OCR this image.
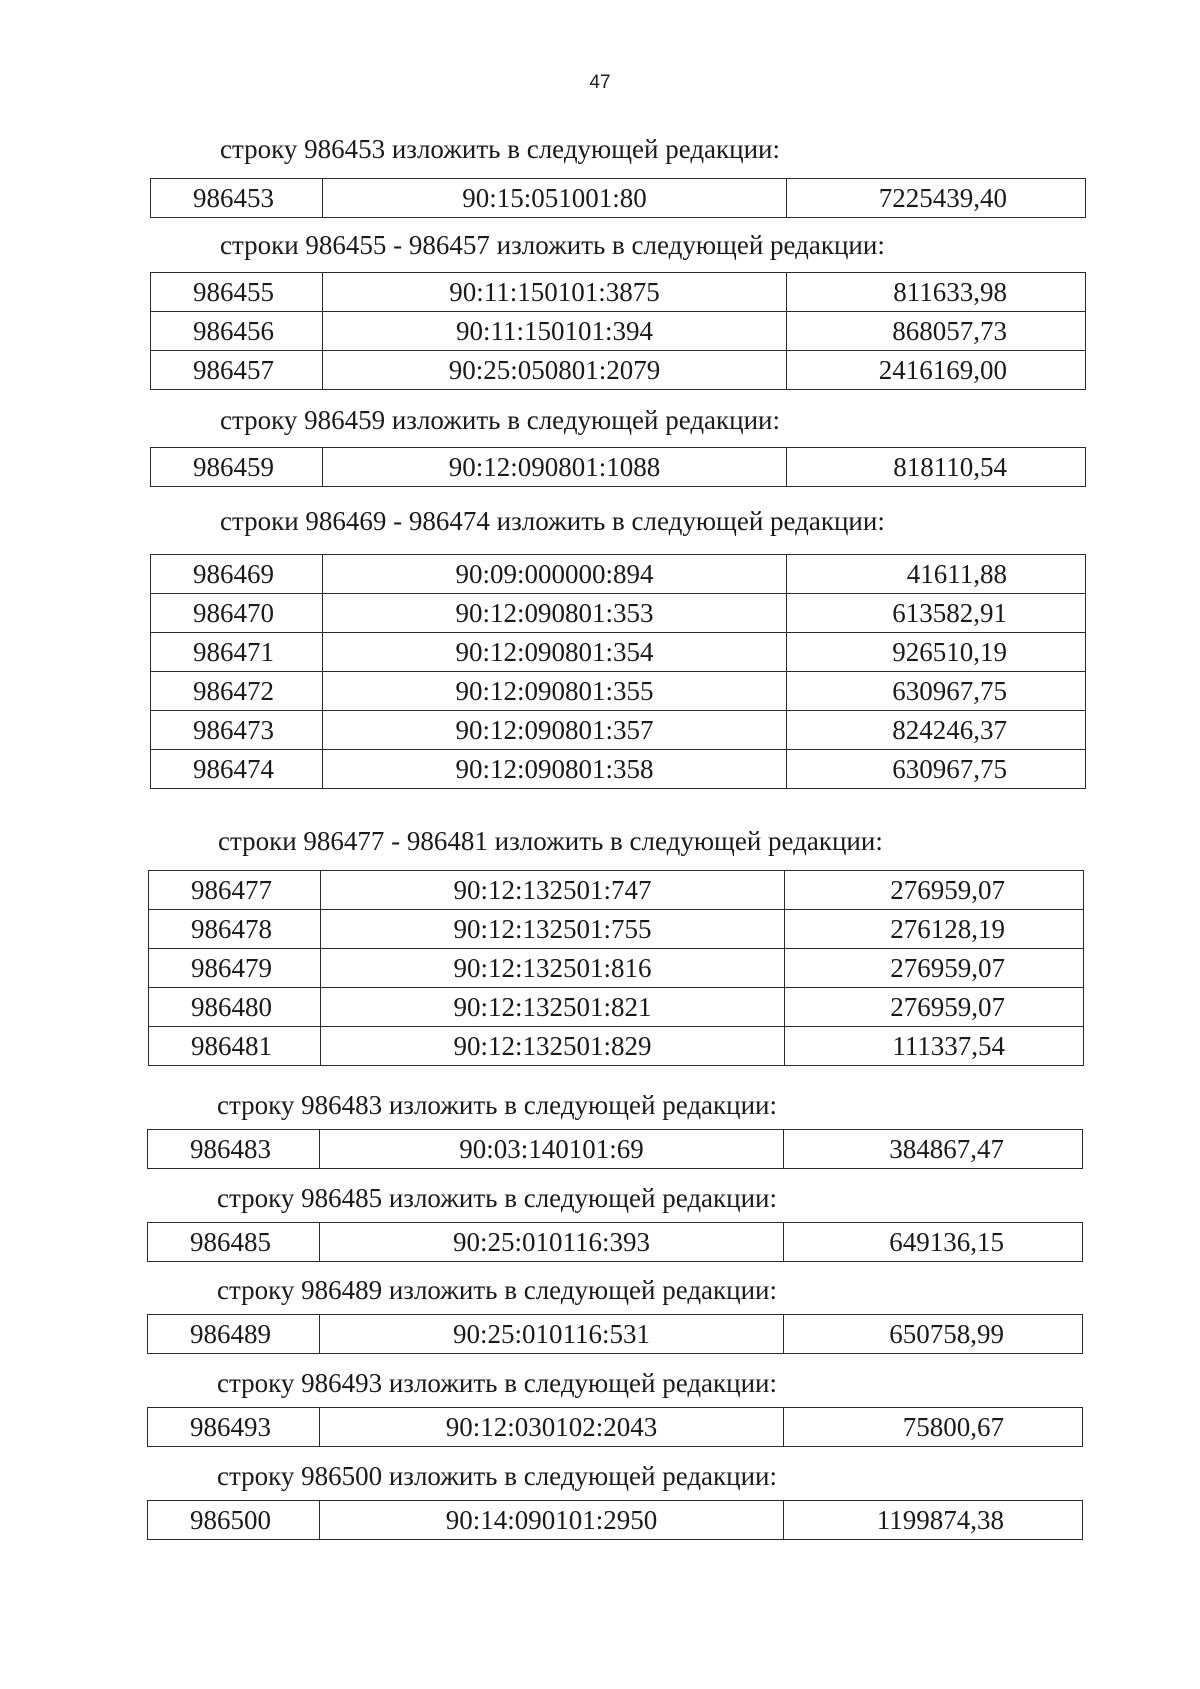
47
строку 986453 изложить в следующей редакции:
986453	90:15:051001:80	7225439,40
строки 986455 - 986457 изложить в следующей редакции:
986455	90:11:150101:3875	811633,98
986456	90:11:150101:394	868057,73
986457	90:25:050801:2079	2416169,00
строку 986459 изложить в следующей редакции:
986459	90:12:090801:1088	818110,54
строки 986469 - 986474 изложить в следующей редакции:
986469	90:09:000000:894	41611,88
986470	90:12:090801:353	613582,91
986471	90:12:090801:354	926510,19
986472	90:12:090801:355	630967,75
986473	90:12:090801:357	824246,37
986474	90:12:090801:358	630967,75
строки 986477 - 986481 изложить в следующей редакции:
986477	90:12:132501:747	276959,07
986478	90:12:132501:755	276128,19
986479	90:12:132501:816	276959,07
986480	90:12:132501:821	276959,07
986481	90:12:132501:829	111337,54
строку 986483 изложить в следующей редакции:
986483	90:03:140101:69	384867,47
строку 986485 изложить в следующей редакции:
986485	90:25:010116:393	649136,15
строку 986489 изложить в следующей редакции:
986489	90:25:010116:531	650758,99
строку 986493 изложить в следующей редакции:
986493	90:12:030102:2043	75800,67
строку 986500 изложить в следующей редакции:
986500	90:14:090101:2950	1199874,38
